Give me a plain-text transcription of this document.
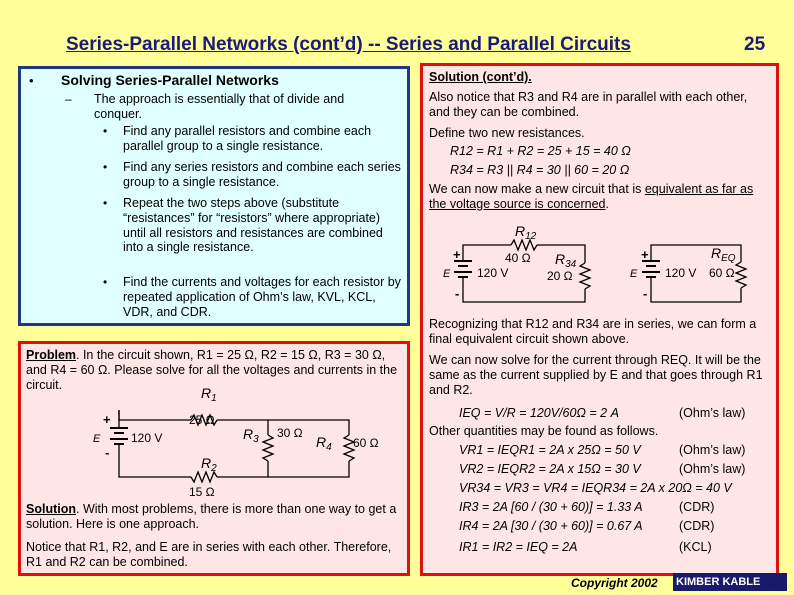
Series-Parallel Networks (cont’d) -- Series and Parallel Circuits	25
• Solving Series-Parallel Networks
– The approach is essentially that of divide and conquer.
• Find any parallel resistors and combine each parallel group to a single resistance.
• Find any series resistors and combine each series group to a single resistance.
• Repeat the two steps above (substitute “resistances” for “resistors” where appropriate) until all resistors and resistances are combined into a single resistance.
• Find the currents and voltages for each resistor by repeated application of Ohm’s law, KVL, KCL, VDR, and CDR.
Problem. In the circuit shown, R1 = 25 Ω, R2 = 15 Ω, R3 = 30 Ω, and R4 = 60 Ω. Please solve for all the voltages and currents in the circuit.
+
-
E	120 V
$R_1$
25 Ω
$R_2$
15 Ω
$R_3$ 30 Ω
$R_4$ 60 Ω
Solution. With most problems, there is more than one way to get a solution. Here is one approach.
Notice that R1, R2, and E are in series with each other. Therefore, R1 and R2 can be combined.
Solution (cont’d).
Also notice that R3 and R4 are in parallel with each other, and they can be combined.
Define two new resistances.
R12 = R1 + R2 = 25 + 15 = 40 Ω
R34 = R3 || R4 = 30 || 60 = 20 Ω
We can now make a new circuit that is equivalent as far as the voltage source is concerned.
+
-
E 120 V
$R_{12}$
40 Ω $R_{34}$
20 Ω
+
-
E 120 V
$R_{EQ}$
60 Ω
Recognizing that R12 and R34 are in series, we can form a final equivalent circuit shown above.
We can now solve for the current through REQ. It will be the same as the current supplied by E and that goes through R1 and R2.
IEQ = V/R = 120V/60Ω = 2 A	(Ohm’s law)
Other quantities may be found as follows.
VR1 = IEQR1 = 2A x 25Ω = 50 V	(Ohm’s law)
VR2 = IEQR2 = 2A x 15Ω = 30 V	(Ohm’s law)
VR34 = VR3 = VR4 = IEQR34 = 2A x 20Ω = 40 V
IR3 = 2A [60 / (30 + 60)] = 1.33 A	(CDR)
IR4 = 2A [30 / (30 + 60)] = 0.67 A	(CDR)
IR1 = IR2 = IEQ = 2A	(KCL)
Copyright 2002 KIMBER KABLE
